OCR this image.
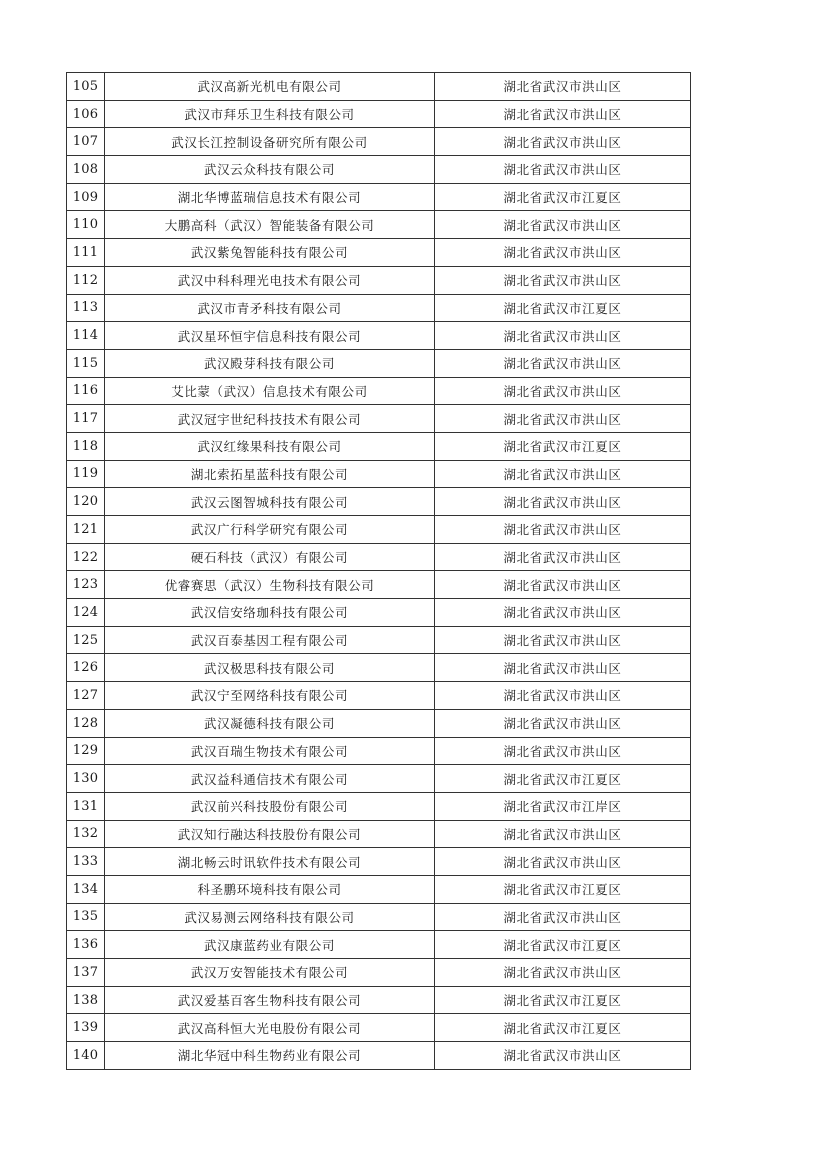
105	武汉高新光机电有限公司	湖北省武汉市洪山区
106	武汉市拜乐卫生科技有限公司	湖北省武汉市洪山区
107	武汉长江控制设备研究所有限公司	湖北省武汉市洪山区
108	武汉云众科技有限公司	湖北省武汉市洪山区
109	湖北华博蓝瑞信息技术有限公司	湖北省武汉市江夏区
110	大鹏高科（武汉）智能装备有限公司	湖北省武汉市洪山区
111	武汉紫兔智能科技有限公司	湖北省武汉市洪山区
112	武汉中科科理光电技术有限公司	湖北省武汉市洪山区
113	武汉市青矛科技有限公司	湖北省武汉市江夏区
114	武汉星环恒宇信息科技有限公司	湖北省武汉市洪山区
115	武汉殿芽科技有限公司	湖北省武汉市洪山区
116	艾比蒙（武汉）信息技术有限公司	湖北省武汉市洪山区
117	武汉冠宇世纪科技技术有限公司	湖北省武汉市洪山区
118	武汉红缘果科技有限公司	湖北省武汉市江夏区
119	湖北索拓星蓝科技有限公司	湖北省武汉市洪山区
120	武汉云图智城科技有限公司	湖北省武汉市洪山区
121	武汉广行科学研究有限公司	湖北省武汉市洪山区
122	硬石科技（武汉）有限公司	湖北省武汉市洪山区
123	优睿赛思（武汉）生物科技有限公司	湖北省武汉市洪山区
124	武汉信安络珈科技有限公司	湖北省武汉市洪山区
125	武汉百泰基因工程有限公司	湖北省武汉市洪山区
126	武汉极思科技有限公司	湖北省武汉市洪山区
127	武汉宁至网络科技有限公司	湖北省武汉市洪山区
128	武汉凝德科技有限公司	湖北省武汉市洪山区
129	武汉百瑞生物技术有限公司	湖北省武汉市洪山区
130	武汉益科通信技术有限公司	湖北省武汉市江夏区
131	武汉前兴科技股份有限公司	湖北省武汉市江岸区
132	武汉知行融达科技股份有限公司	湖北省武汉市洪山区
133	湖北畅云时讯软件技术有限公司	湖北省武汉市洪山区
134	科圣鹏环境科技有限公司	湖北省武汉市江夏区
135	武汉易测云网络科技有限公司	湖北省武汉市洪山区
136	武汉康蓝药业有限公司	湖北省武汉市江夏区
137	武汉万安智能技术有限公司	湖北省武汉市洪山区
138	武汉爱基百客生物科技有限公司	湖北省武汉市江夏区
139	武汉高科恒大光电股份有限公司	湖北省武汉市江夏区
140	湖北华冠中科生物药业有限公司	湖北省武汉市洪山区
